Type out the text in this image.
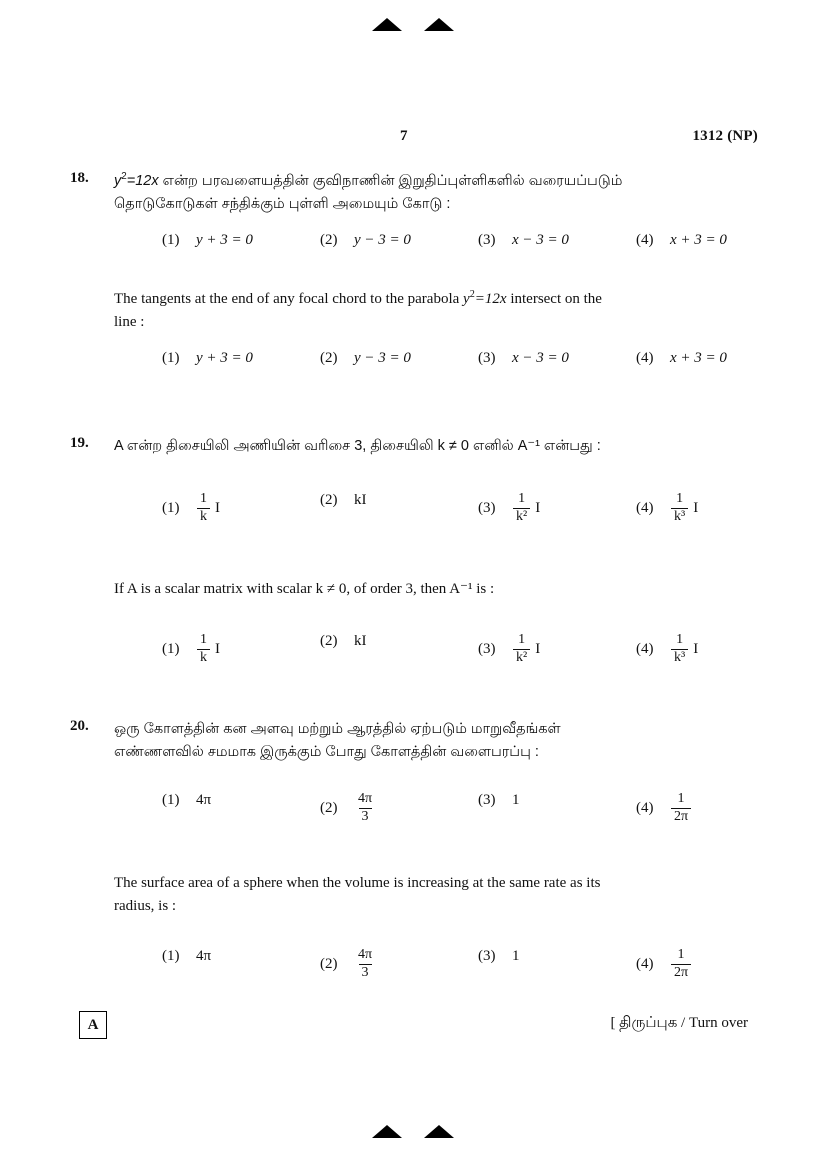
7	1312 (NP)
18.	$y^2=12x$ என்ற பரவளையத்தின் குவிநாணின் இறுதிப்புள்ளிகளில் வரையப்படும்
தொடுகோடுகள் சந்திக்கும் புள்ளி அமையும் கோடு :
(1)	y + 3 = 0	(2)	y − 3 = 0	(3)	x − 3 = 0	(4)	x + 3 = 0
The tangents at the end of any focal chord to the parabola $y^2=12x$ intersect on the
line :
(1)	y + 3 = 0	(2)	y − 3 = 0	(3)	x − 3 = 0	(4)	x + 3 = 0
19.	A என்ற திசையிலி அணியின் வரிசை 3, திசையிலி k ≠ 0 எனில் A⁻¹ என்பது :
(1)	$\frac{1}{k}$ I	(2)	kI	(3)	$\frac{1}{\text{k²}}$ I	(4)	$\frac{1}{\text{k³}}$ I
If A is a scalar matrix with scalar k ≠ 0, of order 3, then A⁻¹ is :
(1)	$\frac{1}{k}$ I	(2)	kI	(3)	$\frac{1}{\text{k²}}$ I	(4)	$\frac{1}{\text{k³}}$ I
20.	ஒரு கோளத்தின் கன அளவு மற்றும் ஆரத்தில் ஏற்படும் மாறுவீதங்கள்
எண்ணளவில் சமமாக இருக்கும் போது கோளத்தின் வளைபரப்பு :
(1)	4π	(2)	$\frac{4\pi}{3}$	(3)	1	(4)	$\frac{1}{2\pi}$
The surface area of a sphere when the volume is increasing at the same rate as its
radius, is :
(1)	4π	(2)	$\frac{4\pi}{3}$	(3)	1	(4)	$\frac{1}{2\pi}$
A	[ திருப்புக / Turn over
